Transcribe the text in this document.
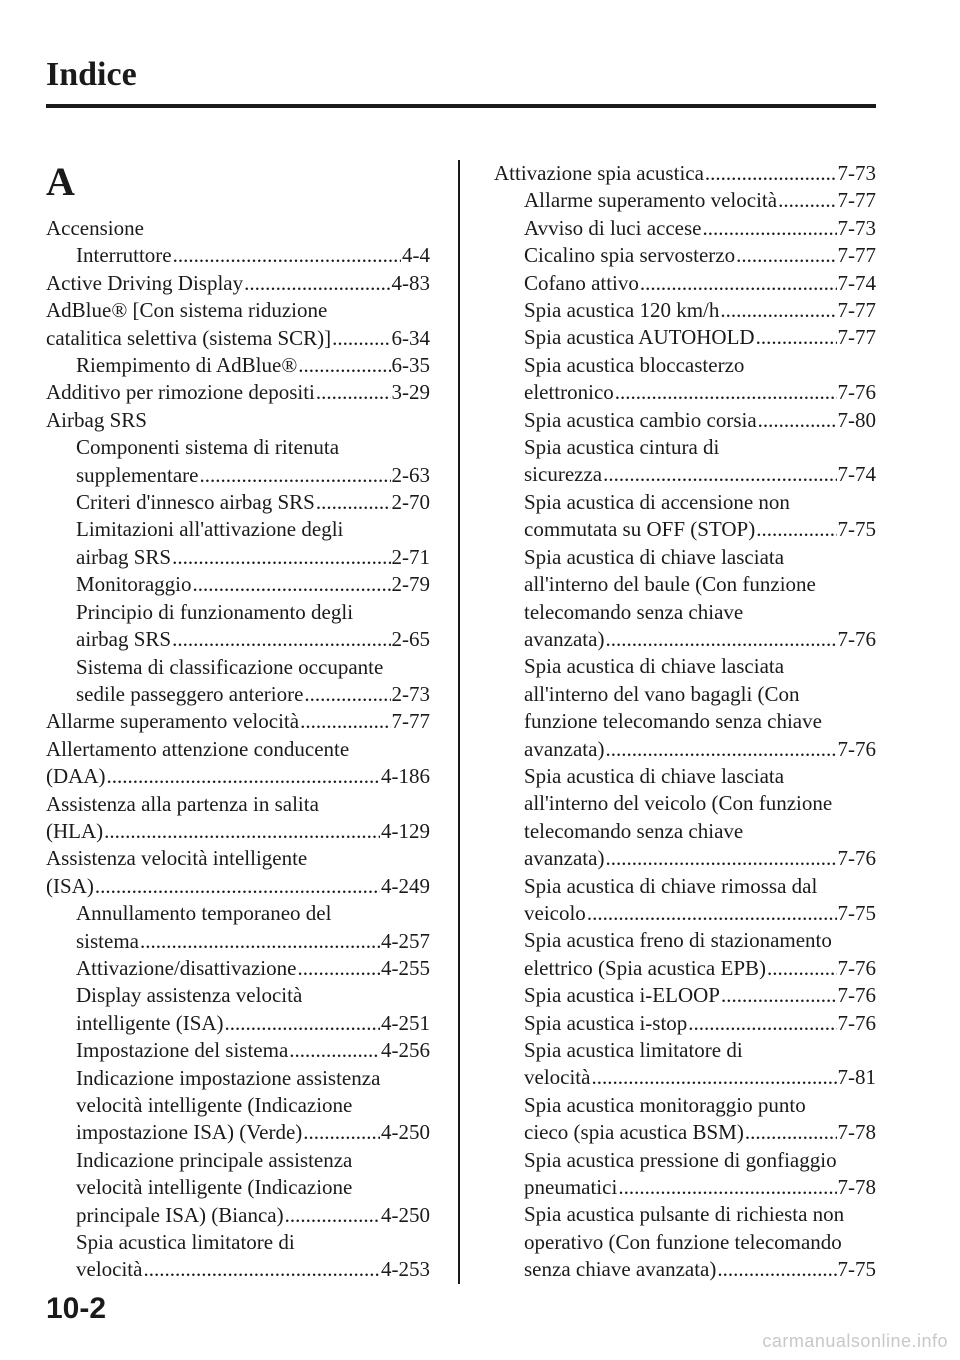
Indice
A
Accensione
Interruttore .....	4-4
Active Driving Display .....	4-83
AdBlue® [Con sistema riduzione
catalitica selettiva (sistema SCR)] .....	6-34
Riempimento di AdBlue® .....	6-35
Additivo per rimozione depositi .....	3-29
Airbag SRS
Componenti sistema di ritenuta
supplementare .....	2-63
Criteri d'innesco airbag SRS .....	2-70
Limitazioni all'attivazione degli
airbag SRS .....	2-71
Monitoraggio .....	2-79
Principio di funzionamento degli
airbag SRS .....	2-65
Sistema di classificazione occupante
sedile passeggero anteriore .....	2-73
Allarme superamento velocità .....	7-77
Allertamento attenzione conducente
(DAA) .....	4-186
Assistenza alla partenza in salita
(HLA) .....	4-129
Assistenza velocità intelligente
(ISA) .....	4-249
Annullamento temporaneo del
sistema .....	4-257
Attivazione/disattivazione .....	4-255
Display assistenza velocità
intelligente (ISA) .....	4-251
Impostazione del sistema .....	4-256
Indicazione impostazione assistenza
velocità intelligente (Indicazione
impostazione ISA) (Verde) .....	4-250
Indicazione principale assistenza
velocità intelligente (Indicazione
principale ISA) (Bianca) .....	4-250
Spia acustica limitatore di
velocità .....	4-253
Attivazione spia acustica .....	7-73
Allarme superamento velocità .....	7-77
Avviso di luci accese .....	7-73
Cicalino spia servosterzo .....	7-77
Cofano attivo .....	7-74
Spia acustica 120 km/h .....	7-77
Spia acustica AUTOHOLD .....	7-77
Spia acustica bloccasterzo
elettronico .....	7-76
Spia acustica cambio corsia .....	7-80
Spia acustica cintura di
sicurezza .....	7-74
Spia acustica di accensione non
commutata su OFF (STOP) .....	7-75
Spia acustica di chiave lasciata
all'interno del baule (Con funzione
telecomando senza chiave
avanzata) .....	7-76
Spia acustica di chiave lasciata
all'interno del vano bagagli (Con
funzione telecomando senza chiave
avanzata) .....	7-76
Spia acustica di chiave lasciata
all'interno del veicolo (Con funzione
telecomando senza chiave
avanzata) .....	7-76
Spia acustica di chiave rimossa dal
veicolo .....	7-75
Spia acustica freno di stazionamento
elettrico (Spia acustica EPB) .....	7-76
Spia acustica i-ELOOP .....	7-76
Spia acustica i-stop .....	7-76
Spia acustica limitatore di
velocità .....	7-81
Spia acustica monitoraggio punto
cieco (spia acustica BSM) .....	7-78
Spia acustica pressione di gonfiaggio
pneumatici .....	7-78
Spia acustica pulsante di richiesta non
operativo (Con funzione telecomando
senza chiave avanzata) .....	7-75
10-2
carmanualsonline.info
